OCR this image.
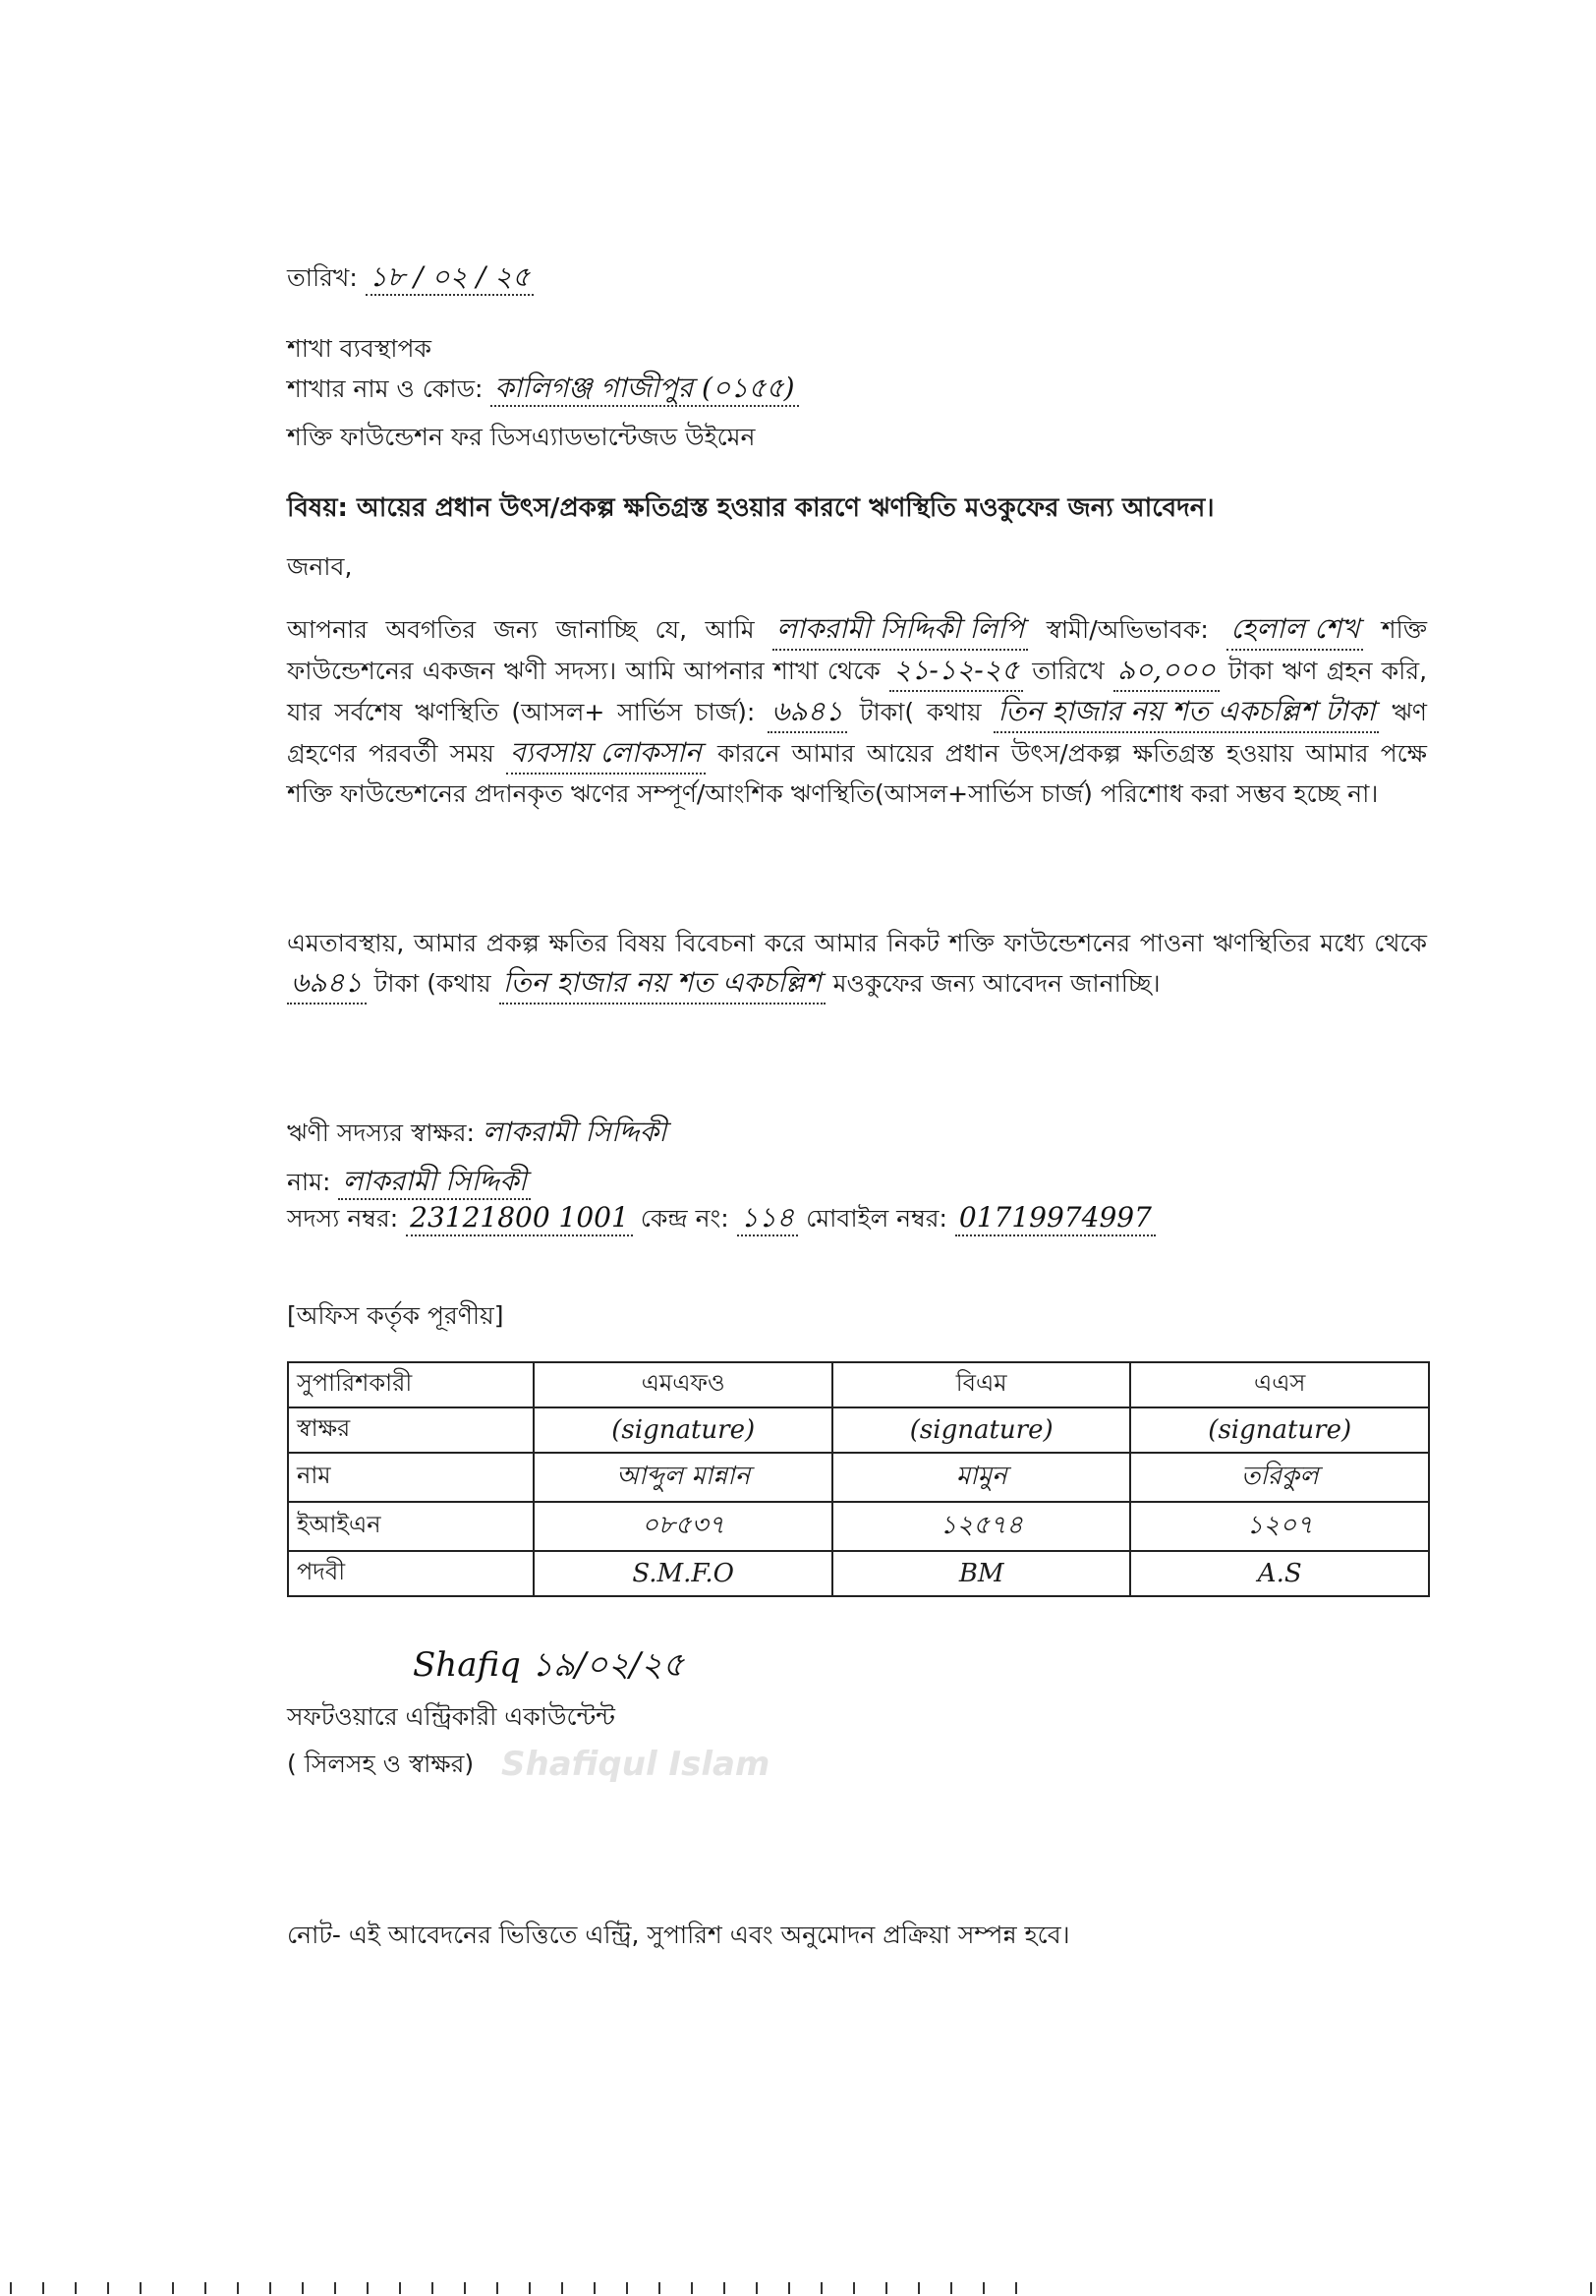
তারিখ: ১৮ / ০২ / ২৫
শাখা ব্যবস্থাপক
শাখার নাম ও কোড: কালিগঞ্জ গাজীপুর (০১৫৫)
শক্তি ফাউন্ডেশন ফর ডিসএ্যাডভান্টেজড উইমেন
বিষয়: আয়ের প্রধান উৎস/প্রকল্প ক্ষতিগ্রস্ত হওয়ার কারণে ঋণস্থিতি মওকুফের জন্য আবেদন।
জনাব,
আপনার অবগতির জন্য জানাচ্ছি যে, আমি লাকরামী সিদ্দিকী লিপি স্বামী/অভিভাবক: হেলাল শেখ শক্তি ফাউন্ডেশনের একজন ঋণী সদস্য। আমি আপনার শাখা থেকে ২১-১২-২৫ তারিখে ৯০,০০০ টাকা ঋণ গ্রহন করি, যার সর্বশেষ ঋণস্থিতি (আসল+ সার্ভিস চার্জ): ৬৯৪১ টাকা( কথায় তিন হাজার নয় শত একচল্লিশ টাকা ঋণ গ্রহণের পরবর্তী সময় ব্যবসায় লোকসান কারনে আমার আয়ের প্রধান উৎস/প্রকল্প ক্ষতিগ্রস্ত হওয়ায় আমার পক্ষে শক্তি ফাউন্ডেশনের প্রদানকৃত ঋণের সম্পূর্ণ/আংশিক ঋণস্থিতি(আসল+সার্ভিস চার্জ) পরিশোধ করা সম্ভব হচ্ছে না।
এমতাবস্থায়, আমার প্রকল্প ক্ষতির বিষয় বিবেচনা করে আমার নিকট শক্তি ফাউন্ডেশনের পাওনা ঋণস্থিতির মধ্যে থেকে ৬৯৪১ টাকা (কথায় তিন হাজার নয় শত একচল্লিশ মওকুফের জন্য আবেদন জানাচ্ছি।
ঋণী সদস্যর স্বাক্ষর: লাকরামী সিদ্দিকী
নাম: লাকরামী সিদ্দিকী
সদস্য নম্বর: 23121800 1001 কেন্দ্র নং: ১১৪ মোবাইল নম্বর: 01719974997
[অফিস কর্তৃক পূরণীয়]
সুপারিশকারী	এমএফও	বিএম	এএস
স্বাক্ষর	(signature)	(signature)	(signature)
নাম	আব্দুল মান্নান	মামুন	তরিকুল
ইআইএন	০৮৫৩৭	১২৫৭৪	১২০৭
পদবী	S.M.F.O	BM	A.S
Shafiq ১৯/০২/২৫
সফটওয়ারে এন্ট্রিকারী একাউন্টেন্ট
( সিলসহ ও স্বাক্ষর) Shafiqul Islam
নোট- এই আবেদনের ভিত্তিতে এন্ট্রি, সুপারিশ এবং অনুমোদন প্রক্রিয়া সম্পন্ন হবে।
